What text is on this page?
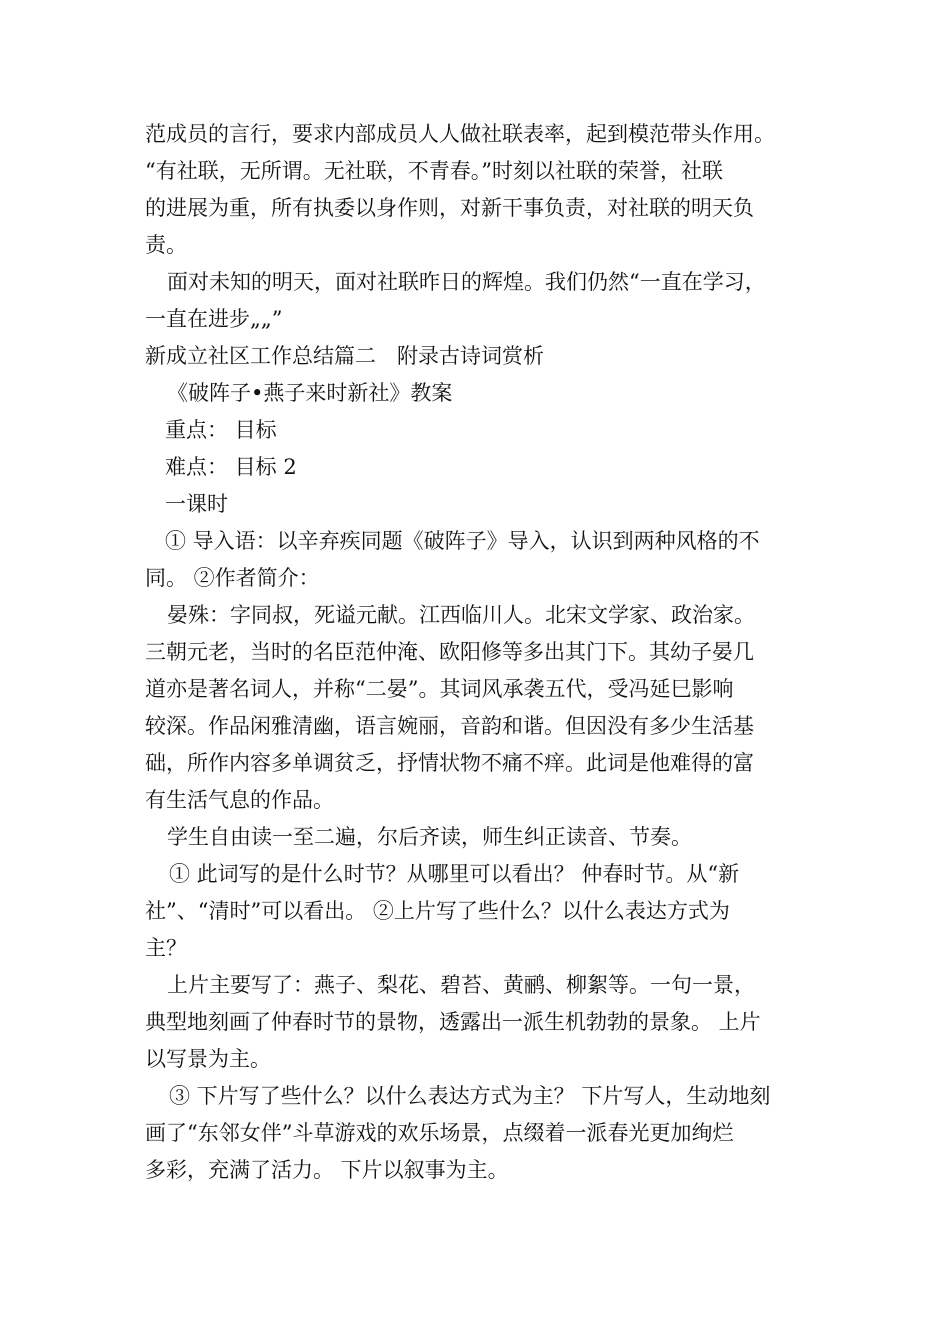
范成员的言行，要求内部成员人人做社联表率，起到模范带头作用。
“有社联，无所谓。无社联，不青春。”时刻以社联的荣誉，社联
的进展为重，所有执委以身作则，对新干事负责，对社联的明天负
责。
面对未知的明天，面对社联昨日的辉煌。我们仍然“一直在学习，
一直在进步„„”
新成立社区工作总结篇二　附录古诗词赏析
《破阵子•燕子来时新社》教案
重点： 目标
难点： 目标 2
一课时
① 导入语：以辛弃疾同题《破阵子》导入，认识到两种风格的不
同。 ②作者简介：
晏殊：字同叔，死谥元献。江西临川人。北宋文学家、政治家。
三朝元老，当时的名臣范仲淹、欧阳修等多出其门下。其幼子晏几
道亦是著名词人，并称“二晏”。其词风承袭五代，受冯延巳影响
较深。作品闲雅清幽，语言婉丽，音韵和谐。但因没有多少生活基
础，所作内容多单调贫乏，抒情状物不痛不痒。此词是他难得的富
有生活气息的作品。
学生自由读一至二遍，尔后齐读，师生纠正读音、节奏。
① 此词写的是什么时节？从哪里可以看出？ 仲春时节。从“新
社”、“清时”可以看出。 ②上片写了些什么？以什么表达方式为
主？
上片主要写了：燕子、梨花、碧苔、黄鹂、柳絮等。一句一景，
典型地刻画了仲春时节的景物，透露出一派生机勃勃的景象。 上片
以写景为主。
③ 下片写了些什么？以什么表达方式为主？ 下片写人，生动地刻
画了“东邻女伴”斗草游戏的欢乐场景，点缀着一派春光更加绚烂
多彩，充满了活力。 下片以叙事为主。
